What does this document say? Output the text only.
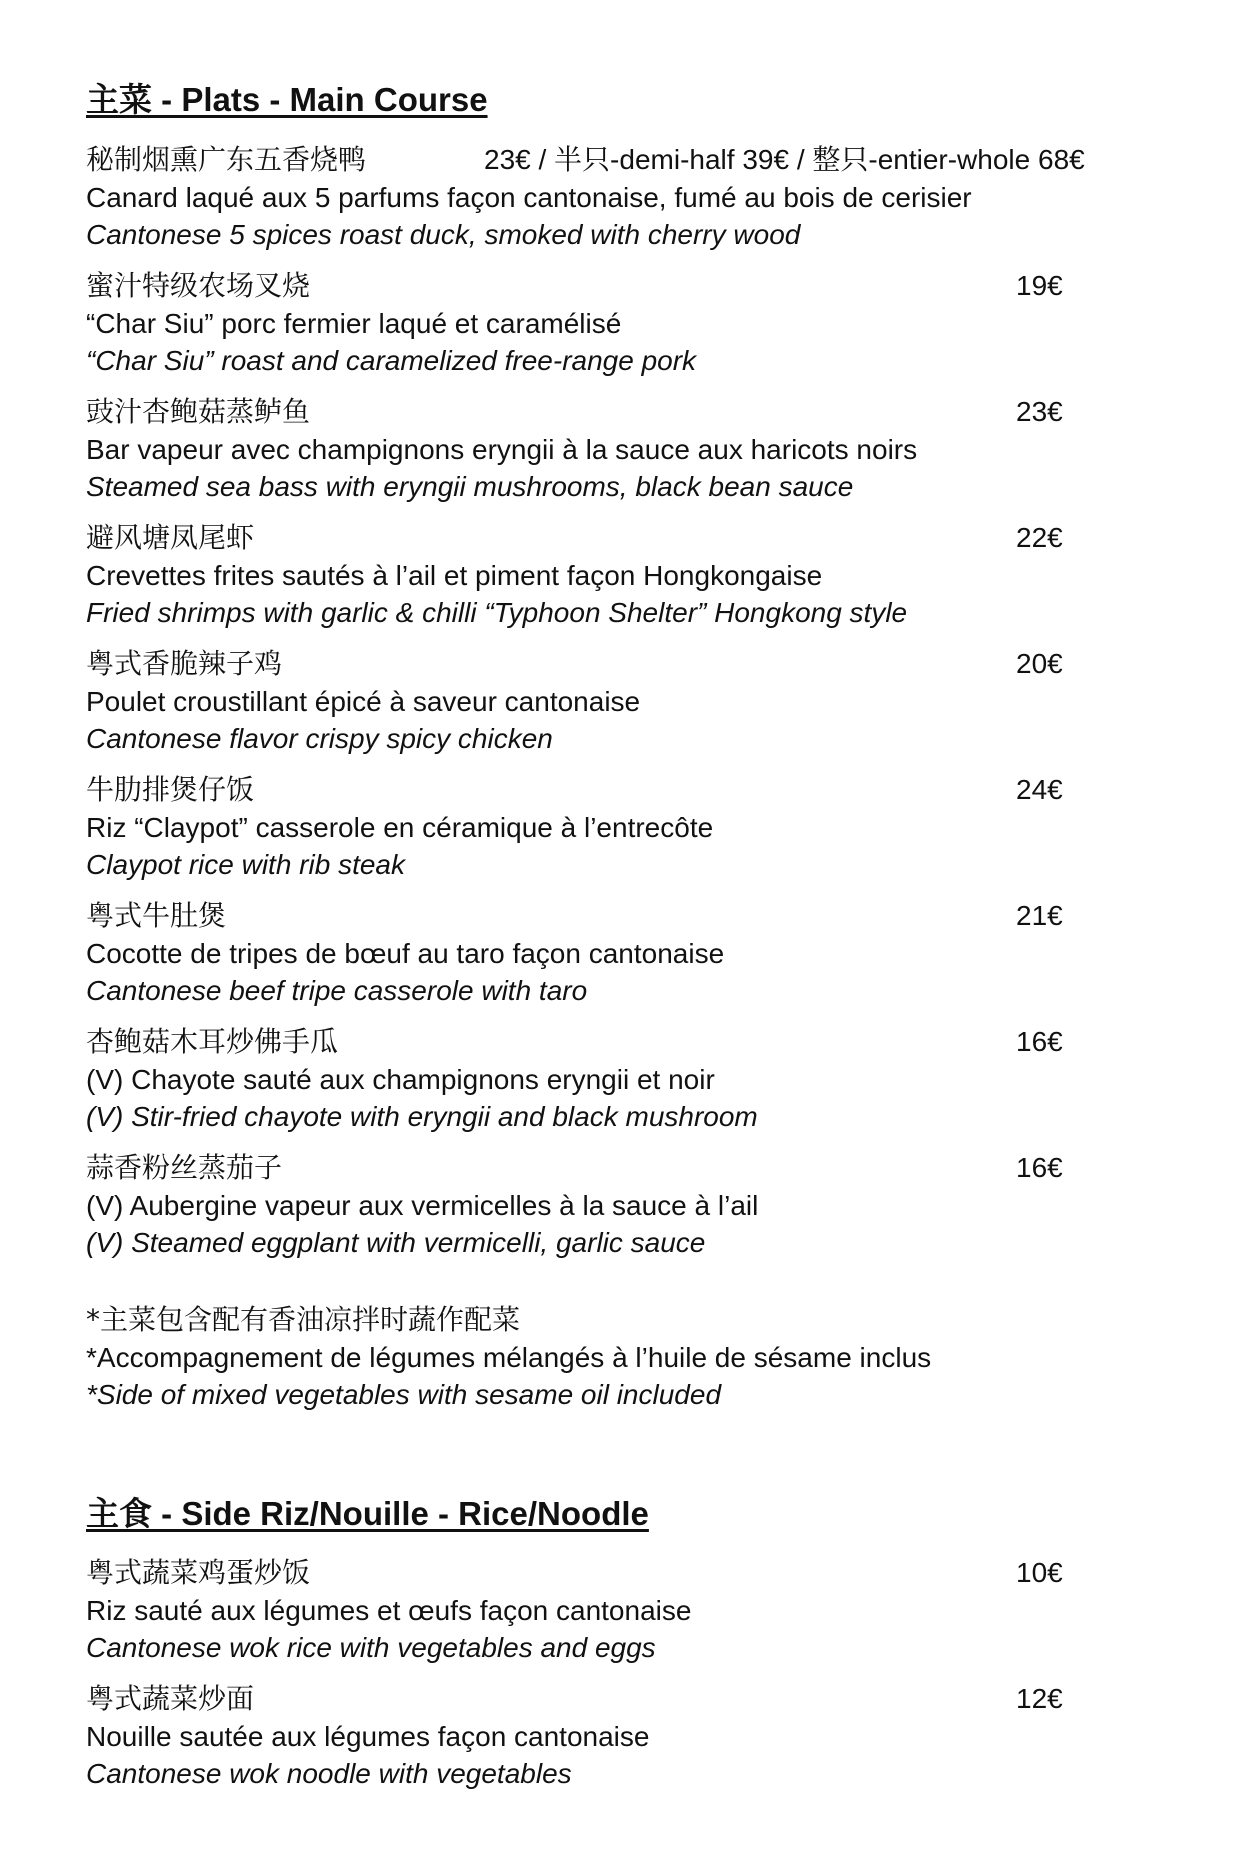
主菜 - Plats - Main Course
秘制烟熏广东五香烧鸭	23€ / 半只-demi-half 39€ / 整只-entier-whole 68€
Canard laqué aux 5 parfums façon cantonaise, fumé au bois de cerisier
Cantonese 5 spices roast duck, smoked with cherry wood
蜜汁特级农场叉烧	19€
“Char Siu” porc fermier laqué et caramélisé
“Char Siu” roast and caramelized free-range pork
豉汁杏鲍菇蒸鲈鱼	23€
Bar vapeur avec champignons eryngii à la sauce aux haricots noirs
Steamed sea bass with eryngii mushrooms, black bean sauce
避风塘凤尾虾	22€
Crevettes frites sautés à l’ail et piment façon Hongkongaise
Fried shrimps with garlic & chilli “Typhoon Shelter” Hongkong style
粤式香脆辣子鸡	20€
Poulet croustillant épicé à saveur cantonaise
Cantonese flavor crispy spicy chicken
牛肋排煲仔饭	24€
Riz “Claypot” casserole en céramique à l’entrecôte
Claypot rice with rib steak
粤式牛肚煲	21€
Cocotte de tripes de bœuf au taro façon cantonaise
Cantonese beef tripe casserole with taro
杏鲍菇木耳炒佛手瓜	16€
(V) Chayote sauté aux champignons eryngii et noir
(V) Stir-fried chayote with eryngii and black mushroom
蒜香粉丝蒸茄子	16€
(V) Aubergine vapeur aux vermicelles à la sauce à l’ail
(V) Steamed eggplant with vermicelli, garlic sauce
*主菜包含配有香油凉拌时蔬作配菜
*Accompagnement de légumes mélangés à l’huile de sésame inclus
*Side of mixed vegetables with sesame oil included
主食 - Side Riz/Nouille - Rice/Noodle
粤式蔬菜鸡蛋炒饭	10€
Riz sauté aux légumes et œufs façon cantonaise
Cantonese wok rice with vegetables and eggs
粤式蔬菜炒面	12€
Nouille sautée aux légumes façon cantonaise
Cantonese wok noodle with vegetables
